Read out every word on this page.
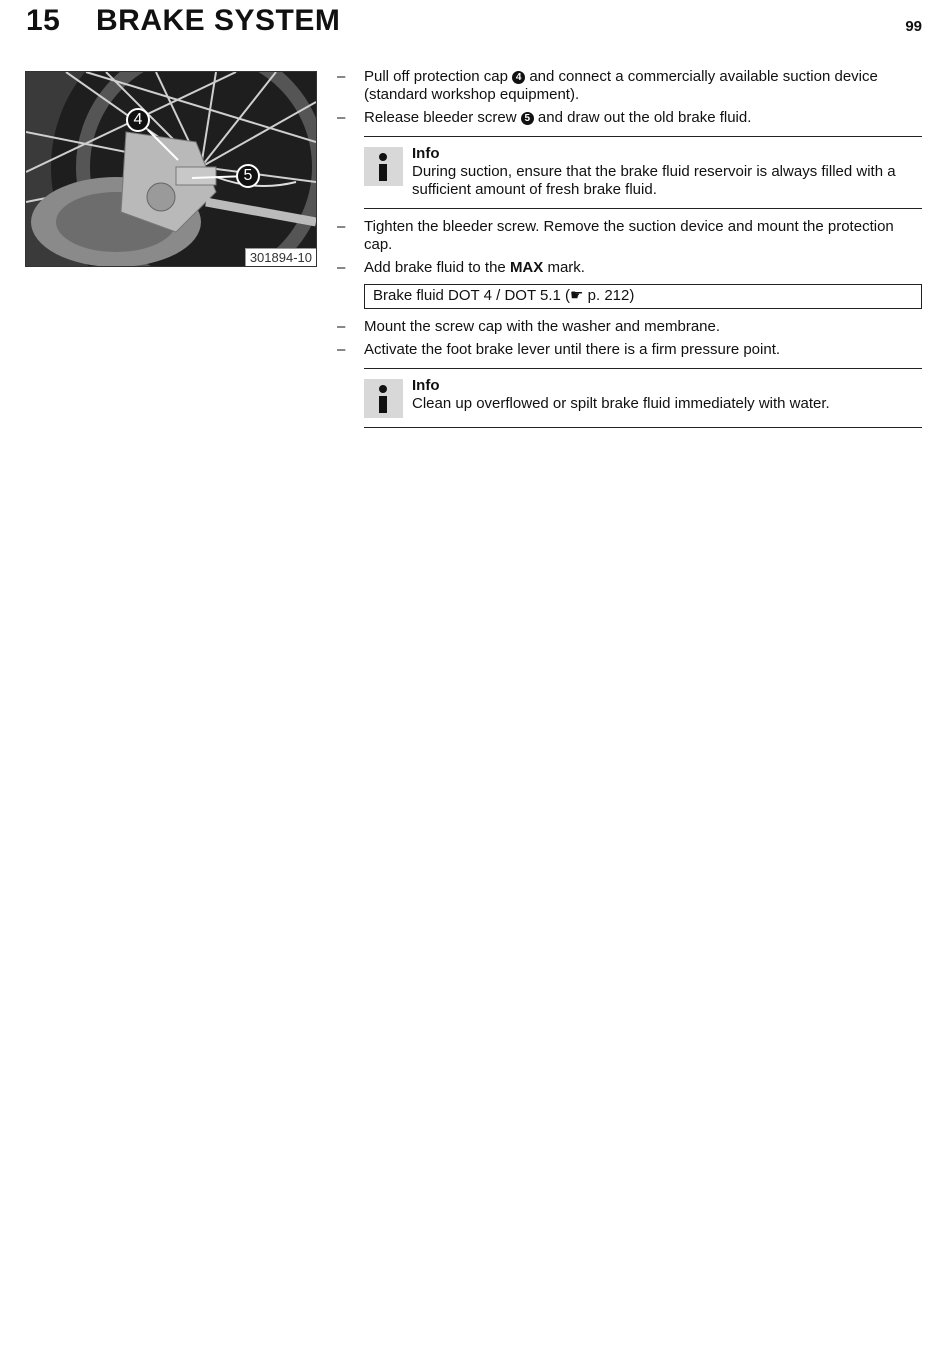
15 BRAKE SYSTEM	99
4
5
301894-10
– Pull off protection cap 4 and connect a commercially available suction device (standard workshop equipment).
– Release bleeder screw 5 and draw out the old brake fluid.
Info
During suction, ensure that the brake fluid reservoir is always filled with a sufficient amount of fresh brake fluid.
– Tighten the bleeder screw. Remove the suction device and mount the protection cap.
– Add brake fluid to the MAX mark.
Brake fluid DOT 4 / DOT 5.1 (☛ p. 212)
– Mount the screw cap with the washer and membrane.
– Activate the foot brake lever until there is a firm pressure point.
Info
Clean up overflowed or spilt brake fluid immediately with water.
